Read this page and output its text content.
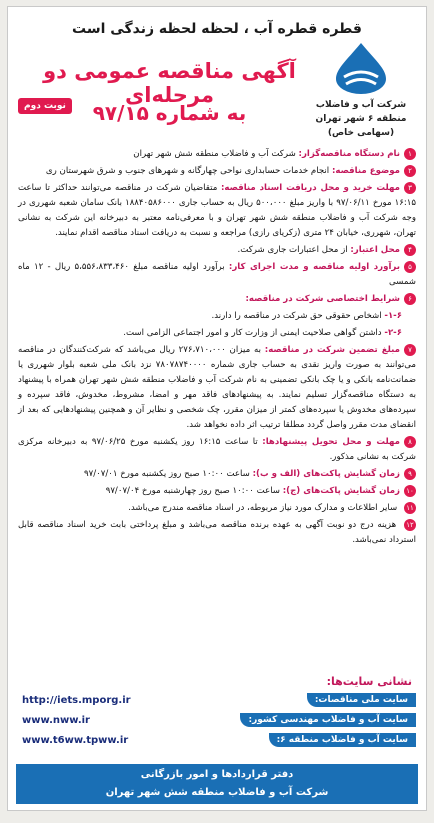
قطره قطره آب ، لحظه لحظه زندگی است
شرکت آب و فاضلاب
منطقه ۶ شهر تهران
(سهامی خاص)
آگهی مناقصه عمومی دو مرحله‌ای
به شماره ۹۷/۱۵
نوبت دوم
۱نام دستگاه مناقصه‌گزار: شرکت آب و فاضلاب منطقه شش شهر تهران
۲موضوع مناقصه: انجام خدمات حسابداری نواحی چهارگانه و شهرهای جنوب و شرق شهرستان ری
۳مهلت خرید و محل دریافت اسناد مناقصه: متقاضیان شرکت در مناقصه می‌توانند حداکثر تا ساعت ۱۶:۱۵ مورخ ۹۷/۰۶/۱۱ با واریز مبلغ ۵۰۰،۰۰۰ ریال به حساب جاری ۱۸۸۴۰۵۸۶۰۰۰ بانک سامان شعبه شهرری در وجه شرکت آب و فاضلاب منطقه شش شهر تهران و با معرفی‌نامه معتبر به دبیرخانه این شرکت به نشانی تهران، شهرری، خیابان ۲۴ متری (زکریای رازی) مراجعه و نسبت به دریافت اسناد مناقصه اقدام نمایند.
۴محل اعتبار: از محل اعتبارات جاری شرکت.
۵برآورد اولیه مناقصه و مدت اجرای کار: برآورد اولیه مناقصه مبلغ ۵،۵۵۶،۸۳۳،۴۶۰ ریال - ۱۲ ماه شمسی
۶شرایط اختصاصی شرکت در مناقصه:
۱-۶- اشخاص حقوقی حق شرکت در مناقصه را دارند.
۲-۶- داشتن گواهی صلاحیت ایمنی از وزارت کار و امور اجتماعی الزامی است.
۷مبلغ تضمین شرکت در مناقصه: به میزان ۲۷۶،۷۱۰،۰۰۰ ریال می‌باشد که شرکت‌کنندگان در مناقصه می‌توانند به صورت واریز نقدی به حساب جاری شماره ۷۸۰۷۸۷۴۰۰۰۰ نزد بانک ملی شعبه بلوار شهرری یا ضمانت‌نامه بانکی و یا چک بانکی تضمینی به نام شرکت آب و فاضلاب منطقه شش شهر تهران همراه با پیشنهاد به دستگاه مناقصه‌گزار تسلیم نمایند. به پیشنهادهای فاقد مهر و امضا، مشروط، مخدوش، فاقد سپرده و سپرده‌های مخدوش یا سپرده‌های کمتر از میزان مقرر، چک شخصی و نظایر آن و همچنین پیشنهادهایی که بعد از انقضای مدت مقرر واصل گردد مطلقا ترتیب اثر داده نخواهد شد.
۸مهلت و محل تحویل پیشنهادها: تا ساعت ۱۶:۱۵ روز یکشنبه مورخ ۹۷/۰۶/۲۵ به دبیرخانه مرکزی شرکت به نشانی مذکور.
۹زمان گشایش پاکت‌های (الف و ب): ساعت ۱۰:۰۰ صبح روز یکشنبه مورخ ۹۷/۰۷/۰۱
۱۰زمان گشایش پاکت‌های (ج): ساعت ۱۰:۰۰ صبح روز چهارشنبه مورخ ۹۷/۰۷/۰۴
۱۱ سایر اطلاعات و مدارک مورد نیاز مربوطه، در اسناد مناقصه مندرج می‌باشد.
۱۲ هزینه درج دو نوبت آگهی به عهده برنده مناقصه می‌باشد و مبلغ پرداختی بابت خرید اسناد مناقصه قابل استرداد نمی‌باشد.
نشانی سایت‌ها:
سایت ملی مناقصات:
http://iets.mporg.ir
سایت آب و فاضلاب مهندسی کشور:
www.nww.ir
سایت آب و فاضلاب منطقه ۶:
www.t6ww.tpww.ir
دفتر قراردادها و امور بازرگانی
شرکت آب و فاضلاب منطقه شش شهر تهران
